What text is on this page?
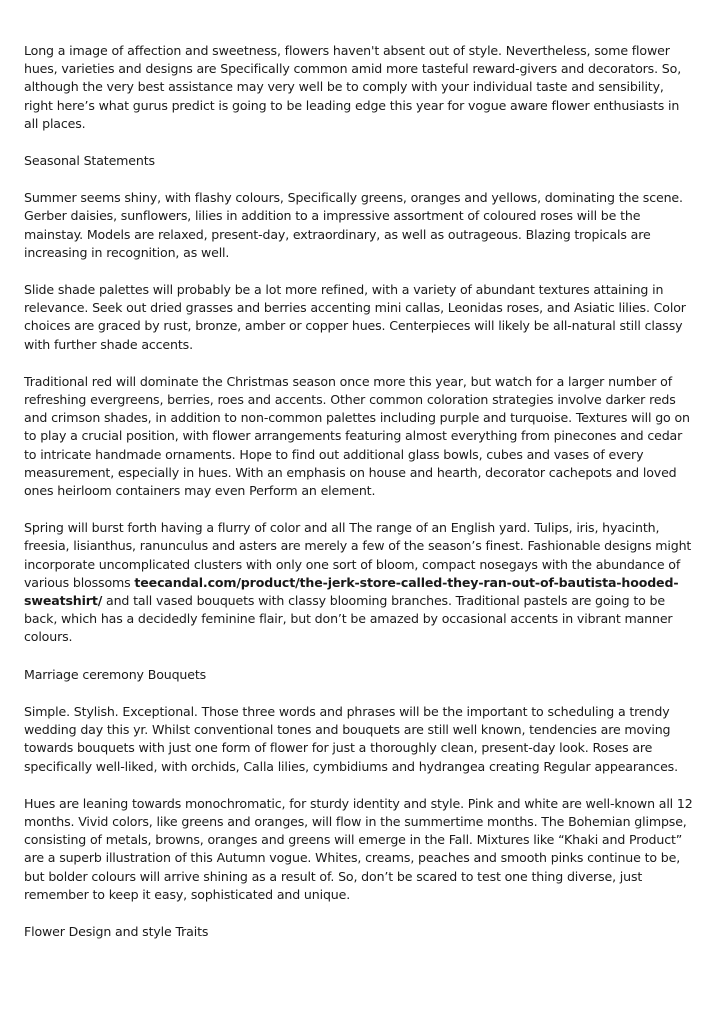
Long a image of affection and sweetness, flowers haven't absent out of style. Nevertheless, some flower hues, varieties and designs are Specifically common amid more tasteful reward-givers and decorators. So, although the very best assistance may very well be to comply with your individual taste and sensibility, right here’s what gurus predict is going to be leading edge this year for vogue aware flower enthusiasts in all places.

Seasonal Statements

Summer seems shiny, with flashy colours, Specifically greens, oranges and yellows, dominating the scene. Gerber daisies, sunflowers, lilies in addition to a impressive assortment of coloured roses will be the mainstay. Models are relaxed, present-day, extraordinary, as well as outrageous. Blazing tropicals are increasing in recognition, as well.

Slide shade palettes will probably be a lot more refined, with a variety of abundant textures attaining in relevance. Seek out dried grasses and berries accenting mini callas, Leonidas roses, and Asiatic lilies. Color choices are graced by rust, bronze, amber or copper hues. Centerpieces will likely be all-natural still classy with further shade accents.

Traditional red will dominate the Christmas season once more this year, but watch for a larger number of refreshing evergreens, berries, roes and accents. Other common coloration strategies involve darker reds and crimson shades, in addition to non-common palettes including purple and turquoise. Textures will go on to play a crucial position, with flower arrangements featuring almost everything from pinecones and cedar to intricate handmade ornaments. Hope to find out additional glass bowls, cubes and vases of every measurement, especially in hues. With an emphasis on house and hearth, decorator cachepots and loved ones heirloom containers may even Perform an element.

Spring will burst forth having a flurry of color and all The range of an English yard. Tulips, iris, hyacinth, freesia, lisianthus, ranunculus and asters are merely a few of the season’s finest. Fashionable designs might incorporate uncomplicated clusters with only one sort of bloom, compact nosegays with the abundance of various blossoms teecandal.com/product/the-jerk-store-called-they-ran-out-of-bautista-hooded-sweatshirt/ and tall vased bouquets with classy blooming branches. Traditional pastels are going to be back, which has a decidedly feminine flair, but don’t be amazed by occasional accents in vibrant manner colours.

Marriage ceremony Bouquets

Simple. Stylish. Exceptional. Those three words and phrases will be the important to scheduling a trendy wedding day this yr. Whilst conventional tones and bouquets are still well known, tendencies are moving towards bouquets with just one form of flower for just a thoroughly clean, present-day look. Roses are specifically well-liked, with orchids, Calla lilies, cymbidiums and hydrangea creating Regular appearances.

Hues are leaning towards monochromatic, for sturdy identity and style. Pink and white are well-known all 12 months. Vivid colors, like greens and oranges, will flow in the summertime months. The Bohemian glimpse, consisting of metals, browns, oranges and greens will emerge in the Fall. Mixtures like “Khaki and Product” are a superb illustration of this Autumn vogue. Whites, creams, peaches and smooth pinks continue to be, but bolder colours will arrive shining as a result of. So, don’t be scared to test one thing diverse, just remember to keep it easy, sophisticated and unique.

Flower Design and style Traits
